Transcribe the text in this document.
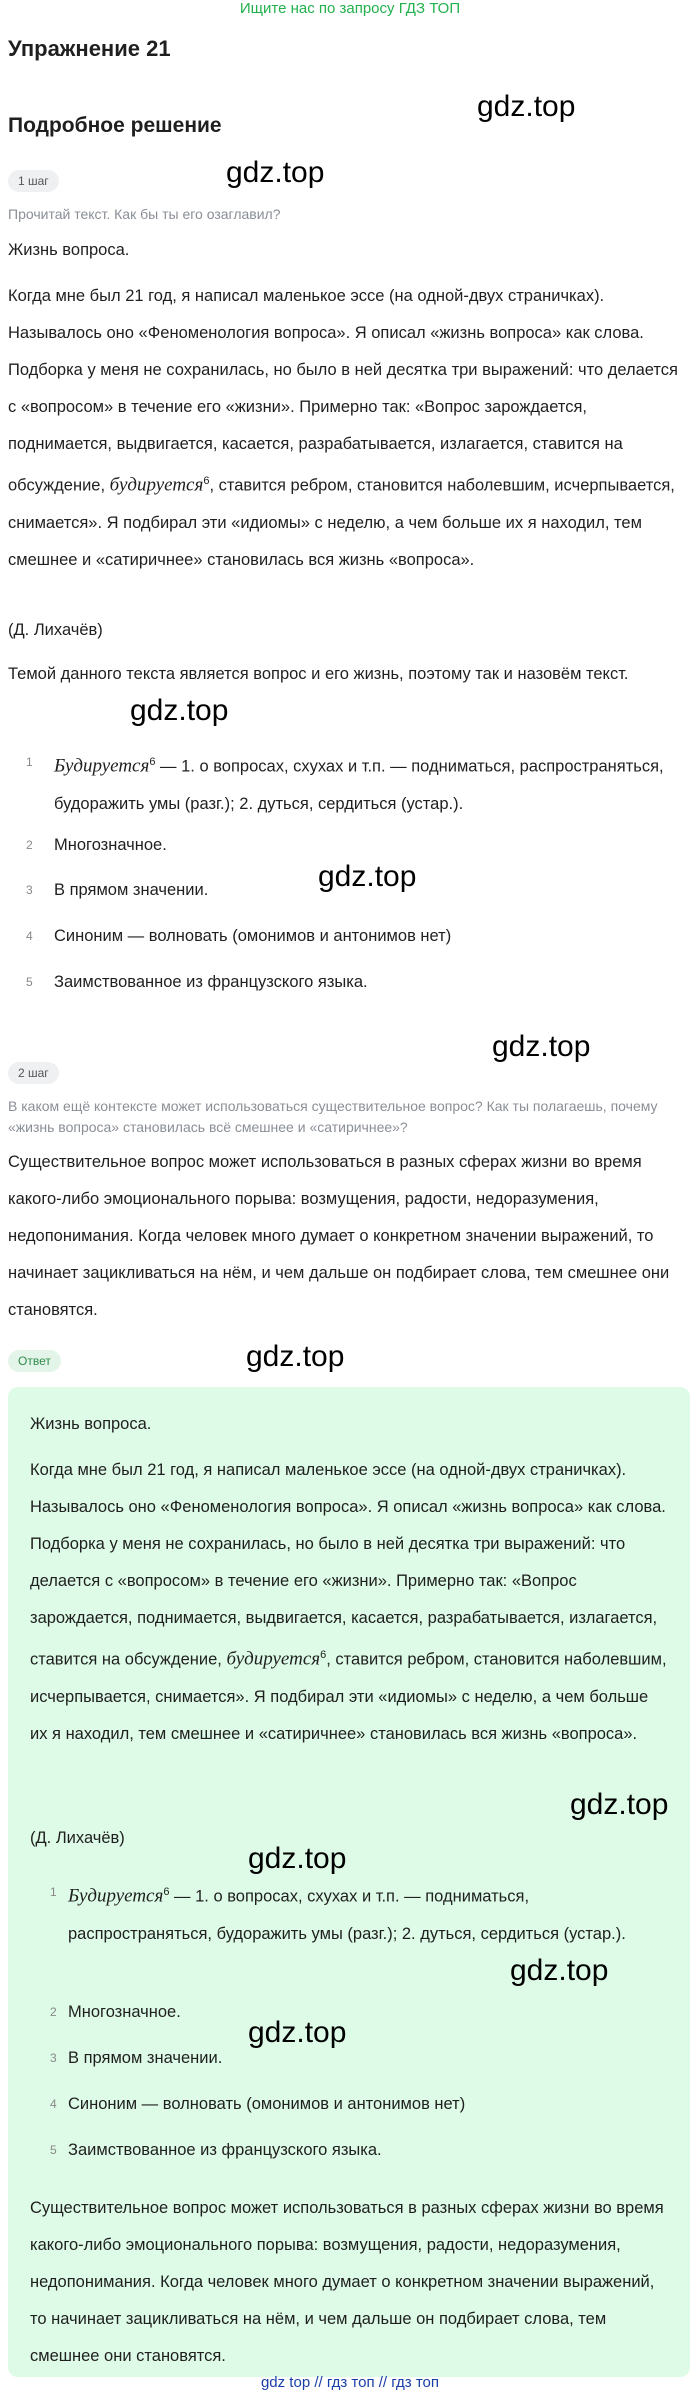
Ищите нас по запросу ГДЗ ТОП
Упражнение 21
Подробное решение
gdz.top
gdz.top
gdz.top
gdz.top
gdz.top
gdz.top
1 шаг
Прочитай текст. Как бы ты его озаглавил?
Жизнь вопроса.
Когда мне был 21 год, я написал маленькое эссе (на одной-двух страничках). Называлось оно «Феноменология вопроса». Я описал «жизнь вопроса» как слова. Подборка у меня не сохранилась, но было в ней десятка три выражений: что делается с «вопросом» в течение его «жизни». Примерно так: «Вопрос зарождается, поднимается, выдвигается, касается, разрабатывается, излагается, ставится на обсуждение, будируется$^6$, ставится ребром, становится наболевшим, исчерпывается, снимается». Я подбирал эти «идиомы» с неделю, а чем больше их я находил, тем смешнее и «сатиричнее» становилась вся жизнь «вопроса».
(Д. Лихачёв)
Темой данного текста является вопрос и его жизнь, поэтому так и назовём текст.
1 Будируется$^6$ — 1. о вопросах, схухах и т.п. — подниматься, распространяться, будоражить умы (разг.); 2. дуться, сердиться (устар.).
2 Многозначное.
3 В прямом значении.
4 Синоним — волновать (омонимов и антонимов нет)
5 Заимствованное из французского языка.
2 шаг
В каком ещё контексте может использоваться существительное вопрос? Как ты полагаешь, почему «жизнь вопроса» становилась всё смешнее и «сатиричнее»?
Существительное вопрос может использоваться в разных сферах жизни во время какого-либо эмоционального порыва: возмущения, радости, недоразумения, недопонимания. Когда человек много думает о конкретном значении выражений, то начинает зацикливаться на нём, и чем дальше он подбирает слова, тем смешнее они становятся.
Ответ
Жизнь вопроса.
Когда мне был 21 год, я написал маленькое эссе (на одной-двух страничках). Называлось оно «Феноменология вопроса». Я описал «жизнь вопроса» как слова. Подборка у меня не сохранилась, но было в ней десятка три выражений: что делается с «вопросом» в течение его «жизни». Примерно так: «Вопрос зарождается, поднимается, выдвигается, касается, разрабатывается, излагается, ставится на обсуждение, будируется$^6$, ставится ребром, становится наболевшим, исчерпывается, снимается». Я подбирал эти «идиомы» с неделю, а чем больше их я находил, тем смешнее и «сатиричнее» становилась вся жизнь «вопроса».
(Д. Лихачёв)
gdz.top
gdz.top
gdz.top
gdz.top
1 Будируется$^6$ — 1. о вопросах, схухах и т.п. — подниматься, распространяться, будоражить умы (разг.); 2. дуться, сердиться (устар.).
2 Многозначное.
3 В прямом значении.
4 Синоним — волновать (омонимов и антонимов нет)
5 Заимствованное из французского языка.
Существительное вопрос может использоваться в разных сферах жизни во время какого-либо эмоционального порыва: возмущения, радости, недоразумения, недопонимания. Когда человек много думает о конкретном значении выражений, то начинает зацикливаться на нём, и чем дальше он подбирает слова, тем смешнее они становятся.
gdz top // гдз топ // гдз топ
